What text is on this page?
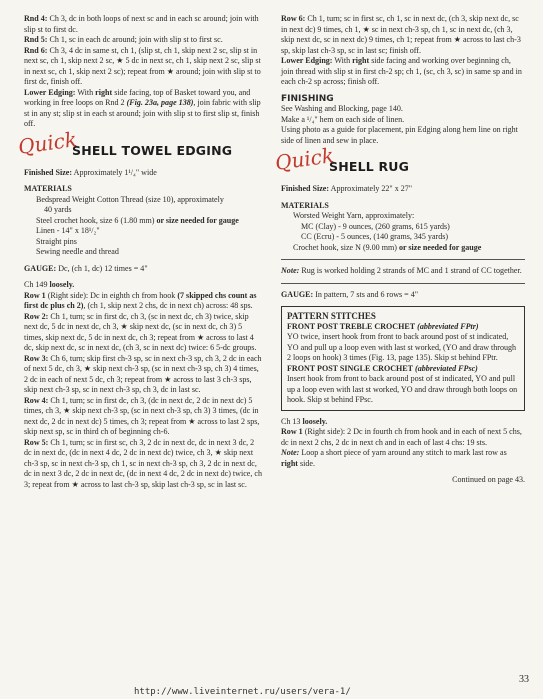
Rnd 4: Ch 3, dc in both loops of next sc and in each sc around; join with slip st to first dc.

Rnd 5: Ch 1, sc in each dc around; join with slip st to first sc.

Rnd 6: Ch 3, 4 dc in same st, ch 1, (slip st, ch 1, skip next 2 sc, slip st in next sc, ch 1, skip next 2 sc, ★ 5 dc in next sc, ch 1, skip next 2 sc, slip st in next sc, ch 1, skip next 2 sc); repeat from ★ around; join with slip st to first dc, finish off.

Lower Edging: With right side facing, top of Basket toward you, and working in free loops on Rnd 2 (Fig. 23a, page 138), join fabric with slip st in any st; slip st in each st around; join with slip st to first slip st, finish off.

Quick
SHELL TOWEL EDGING

Finished Size: Approximately 1¹/₄" wide

MATERIALS

Bedspread Weight Cotton Thread (size 10), approximately

40 yards

Steel crochet hook, size 6 (1.80 mm) or size needed for gauge

Linen - 14" x 18¹/₂"

Straight pins

Sewing needle and thread

GAUGE: Dc, (ch 1, dc) 12 times = 4"

Ch 149 loosely.

Row 1 (Right side): Dc in eighth ch from hook (7 skipped chs count as first dc plus ch 2), (ch 1, skip next 2 chs, dc in next ch) across: 48 sps.

Row 2: Ch 1, turn; sc in first dc, ch 3, (sc in next dc, ch 3) twice, skip next dc, 5 dc in next dc, ch 3, ★ skip next dc, (sc in next dc, ch 3) 5 times, skip next dc, 5 dc in next dc, ch 3; repeat from ★ across to last 4 dc, skip next dc, sc in next dc, (ch 3, sc in next dc) twice: 6 5-dc groups.

Row 3: Ch 6, turn; skip first ch-3 sp, sc in next ch-3 sp, ch 3, 2 dc in each of next 5 dc, ch 3, ★ skip next ch-3 sp, (sc in next ch-3 sp, ch 3) 4 times, 2 dc in each of next 5 dc, ch 3; repeat from ★ across to last 3 ch-3 sps, skip next ch-3 sp, sc in next ch-3 sp, ch 3, dc in last sc.

Row 4: Ch 1, turn; sc in first dc, ch 3, (dc in next dc, 2 dc in next dc) 5 times, ch 3, ★ skip next ch-3 sp, (sc in next ch-3 sp, ch 3) 3 times, (dc in next dc, 2 dc in next dc) 5 times, ch 3; repeat from ★ across to last 2 sps, skip next sp, sc in third ch of beginning ch-6.

Row 5: Ch 1, turn; sc in first sc, ch 3, 2 dc in next dc, dc in next 3 dc, 2 dc in next dc, (dc in next 4 dc, 2 dc in next dc) twice, ch 3, ★ skip next ch-3 sp, sc in next ch-3 sp, ch 1, sc in next ch-3 sp, ch 3, 2 dc in next dc, dc in next 3 dc, 2 dc in next dc, (dc in next 4 dc, 2 dc in next dc) twice, ch 3; repeat from ★ across to last ch-3 sp, skip last ch-3 sp, sc in last sc.

Row 6: Ch 1, turn; sc in first sc, ch 1, sc in next dc, (ch 3, skip next dc, sc in next dc) 9 times, ch 1, ★ sc in next ch-3 sp, ch 1, sc in next dc, (ch 3, skip next dc, sc in next dc) 9 times, ch 1; repeat from ★ across to last ch-3 sp, skip last ch-3 sp, sc in last sc; finish off.

Lower Edging: With right side facing and working over beginning ch, join thread with slip st in first ch-2 sp; ch 1, (sc, ch 3, sc) in same sp and in each ch-2 sp across; finish off.

FINISHING

See Washing and Blocking, page 140.

Make a ¹/₄" hem on each side of linen.

Using photo as a guide for placement, pin Edging along hem line on right side of linen and sew in place.

Quick
SHELL RUG

Finished Size: Approximately 22" x 27"

MATERIALS

Worsted Weight Yarn, approximately:

MC (Clay) - 9 ounces, (260 grams, 615 yards)

CC (Ecru) - 5 ounces, (140 grams, 345 yards)

Crochet hook, size N (9.00 mm) or size needed for gauge

Note: Rug is worked holding 2 strands of MC and 1 strand of CC together.

GAUGE: In pattern, 7 sts and 6 rows = 4"

PATTERN STITCHES

FRONT POST TREBLE CROCHET (abbreviated FPtr)

YO twice, insert hook from front to back around post of st indicated, YO and pull up a loop even with last st worked, (YO and draw through 2 loops on hook) 3 times (Fig. 13, page 135). Skip st behind FPtr.

FRONT POST SINGLE CROCHET (abbreviated FPsc)

Insert hook from front to back around post of st indicated, YO and pull up a loop even with last st worked, YO and draw through both loops on hook. Skip st behind FPsc.

Ch 13 loosely.

Row 1 (Right side): 2 Dc in fourth ch from hook and in each of next 5 chs, dc in next 2 chs, 2 dc in next ch and in each of last 4 chs: 19 sts.

Note: Loop a short piece of yarn around any stitch to mark last row as right side.

Continued on page 43.

33
http://www.liveinternet.ru/users/vera-1/
